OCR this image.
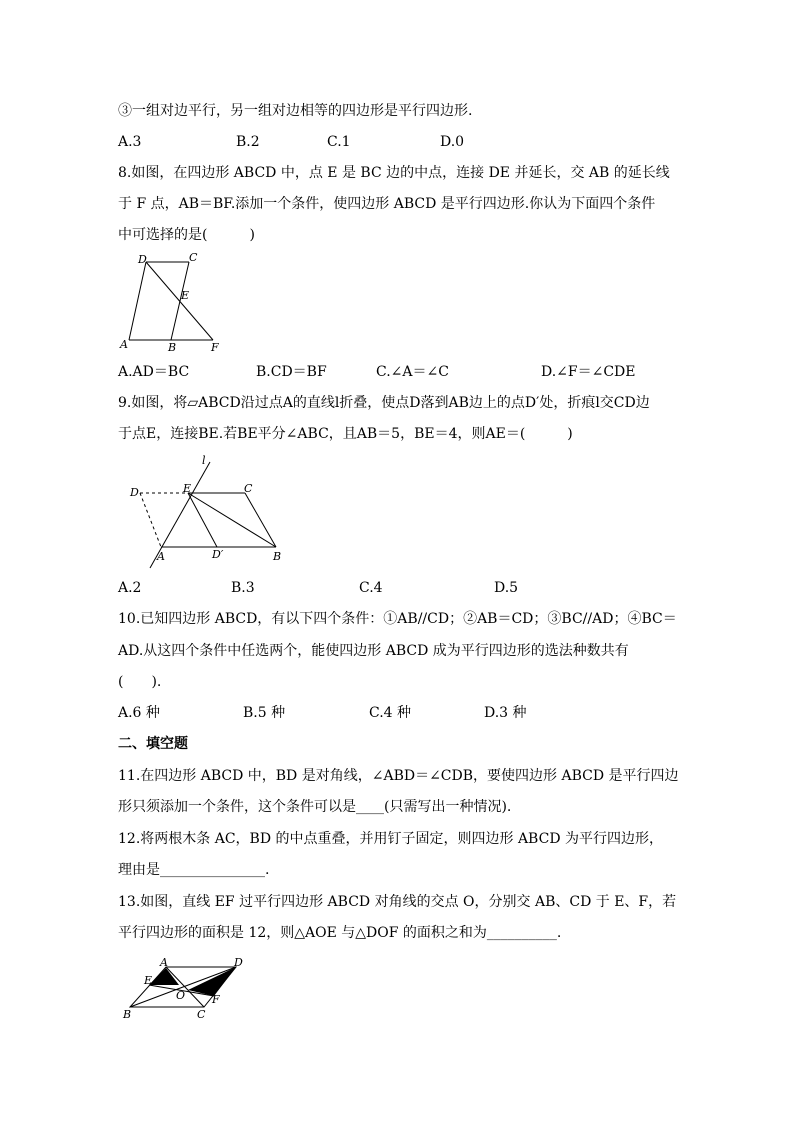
③一组对边平行，另一组对边相等的四边形是平行四边形.
A.3	B.2	C.1	D.0
8.如图，在四边形 ABCD 中，点 E 是 BC 边的中点，连接 DE 并延长，交 AB 的延长线
于 F 点，AB＝BF.添加一个条件，使四边形 ABCD 是平行四边形.你认为下面四个条件
中可选择的是(　　　)
D	C
E
A	B	F
A.AD＝BC	B.CD＝BF	C.∠A＝∠C	D.∠F＝∠CDE
9.如图，将▱ABCD沿过点A的直线l折叠，使点D落到AB边上的点D′处，折痕l交CD边
于点E，连接BE.若BE平分∠ABC，且AB＝5，BE＝4，则AE＝(　　　)
l
D	E	C
A	D′	B
A.2	B.3	C.4	D.5
10.已知四边形 ABCD，有以下四个条件：①AB//CD；②AB＝CD；③BC//AD；④BC＝
AD.从这四个条件中任选两个，能使四边形 ABCD 成为平行四边形的选法种数共有
(　　).
A.6 种	B.5 种	C.4 种	D.3 种
二、填空题
11.在四边形 ABCD 中，BD 是对角线，∠ABD＝∠CDB，要使四边形 ABCD 是平行四边
形只须添加一个条件，这个条件可以是____(只需写出一种情况).
12.将两根木条 AC，BD 的中点重叠，并用钉子固定，则四边形 ABCD 为平行四边形，
理由是_______________.
13.如图，直线 EF 过平行四边形 ABCD 对角线的交点 O，分别交 AB、CD 于 E、F，若
平行四边形的面积是 12，则△AOE 与△DOF 的面积之和为__________.
A	D
E
O F
B	C
